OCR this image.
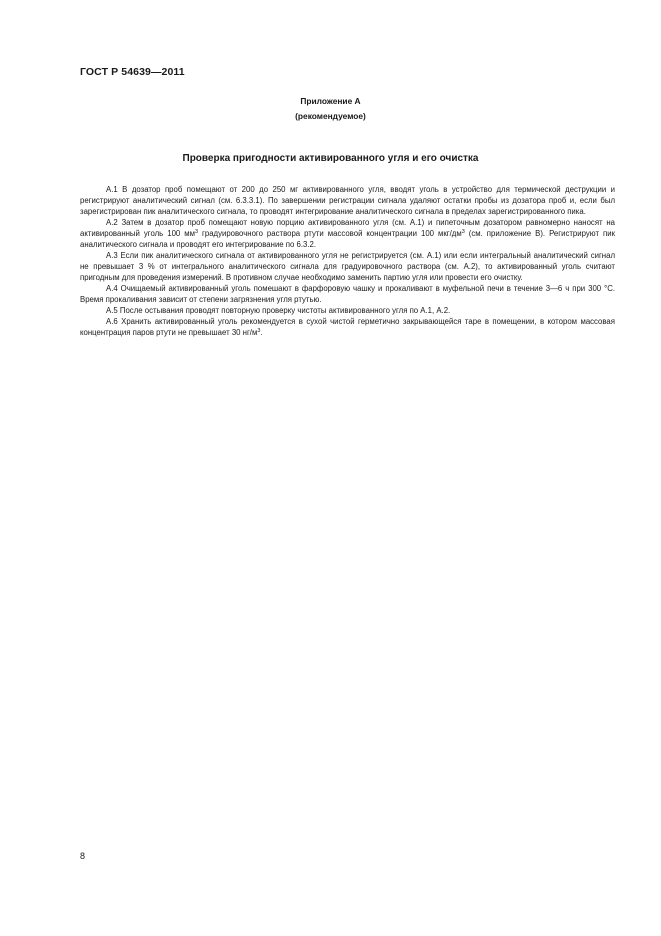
ГОСТ Р 54639—2011
Приложение А
(рекомендуемое)
Проверка пригодности активированного угля и его очистка

А.1 В дозатор проб помещают от 200 до 250 мг активированного угля, вводят уголь в устройство для термической деструкции и регистрируют аналитический сигнал (см. 6.3.3.1). По завершении регистрации сигнала удаляют остатки пробы из дозатора проб и, если был зарегистрирован пик аналитического сигнала, то проводят интегрирование аналитического сигнала в пределах зарегистрированного пика.

А.2 Затем в дозатор проб помещают новую порцию активированного угля (см. А.1) и пипеточным дозатором равномерно наносят на активированный уголь 100 $мм^3$ градуировочного раствора ртути массовой концентрации 100 мкг/$дм^3$ (см. приложение В). Регистрируют пик аналитического сигнала и проводят его интегрирование по 6.3.2.

А.3 Если пик аналитического сигнала от активированного угля не регистрируется (см. А.1) или если интегральный аналитический сигнал не превышает 3 % от интегрального аналитического сигнала для градуировочного раствора (см. А.2), то активированный уголь считают пригодным для проведения измерений. В противном случае необходимо заменить партию угля или провести его очистку.

А.4 Очищаемый активированный уголь помешают в фарфоровую чашку и прокаливают в муфельной печи в течение 3—6 ч при 300 °С. Время прокаливания зависит от степени загрязнения угля ртутью.

А.5 После остывания проводят повторную проверку чистоты активированного угля по А.1, А.2.

А.6 Хранить активированный уголь рекомендуется в сухой чистой герметично закрывающейся таре в помещении, в котором массовая концентрация паров ртути не превышает 30 $нг/м^3$.

8
